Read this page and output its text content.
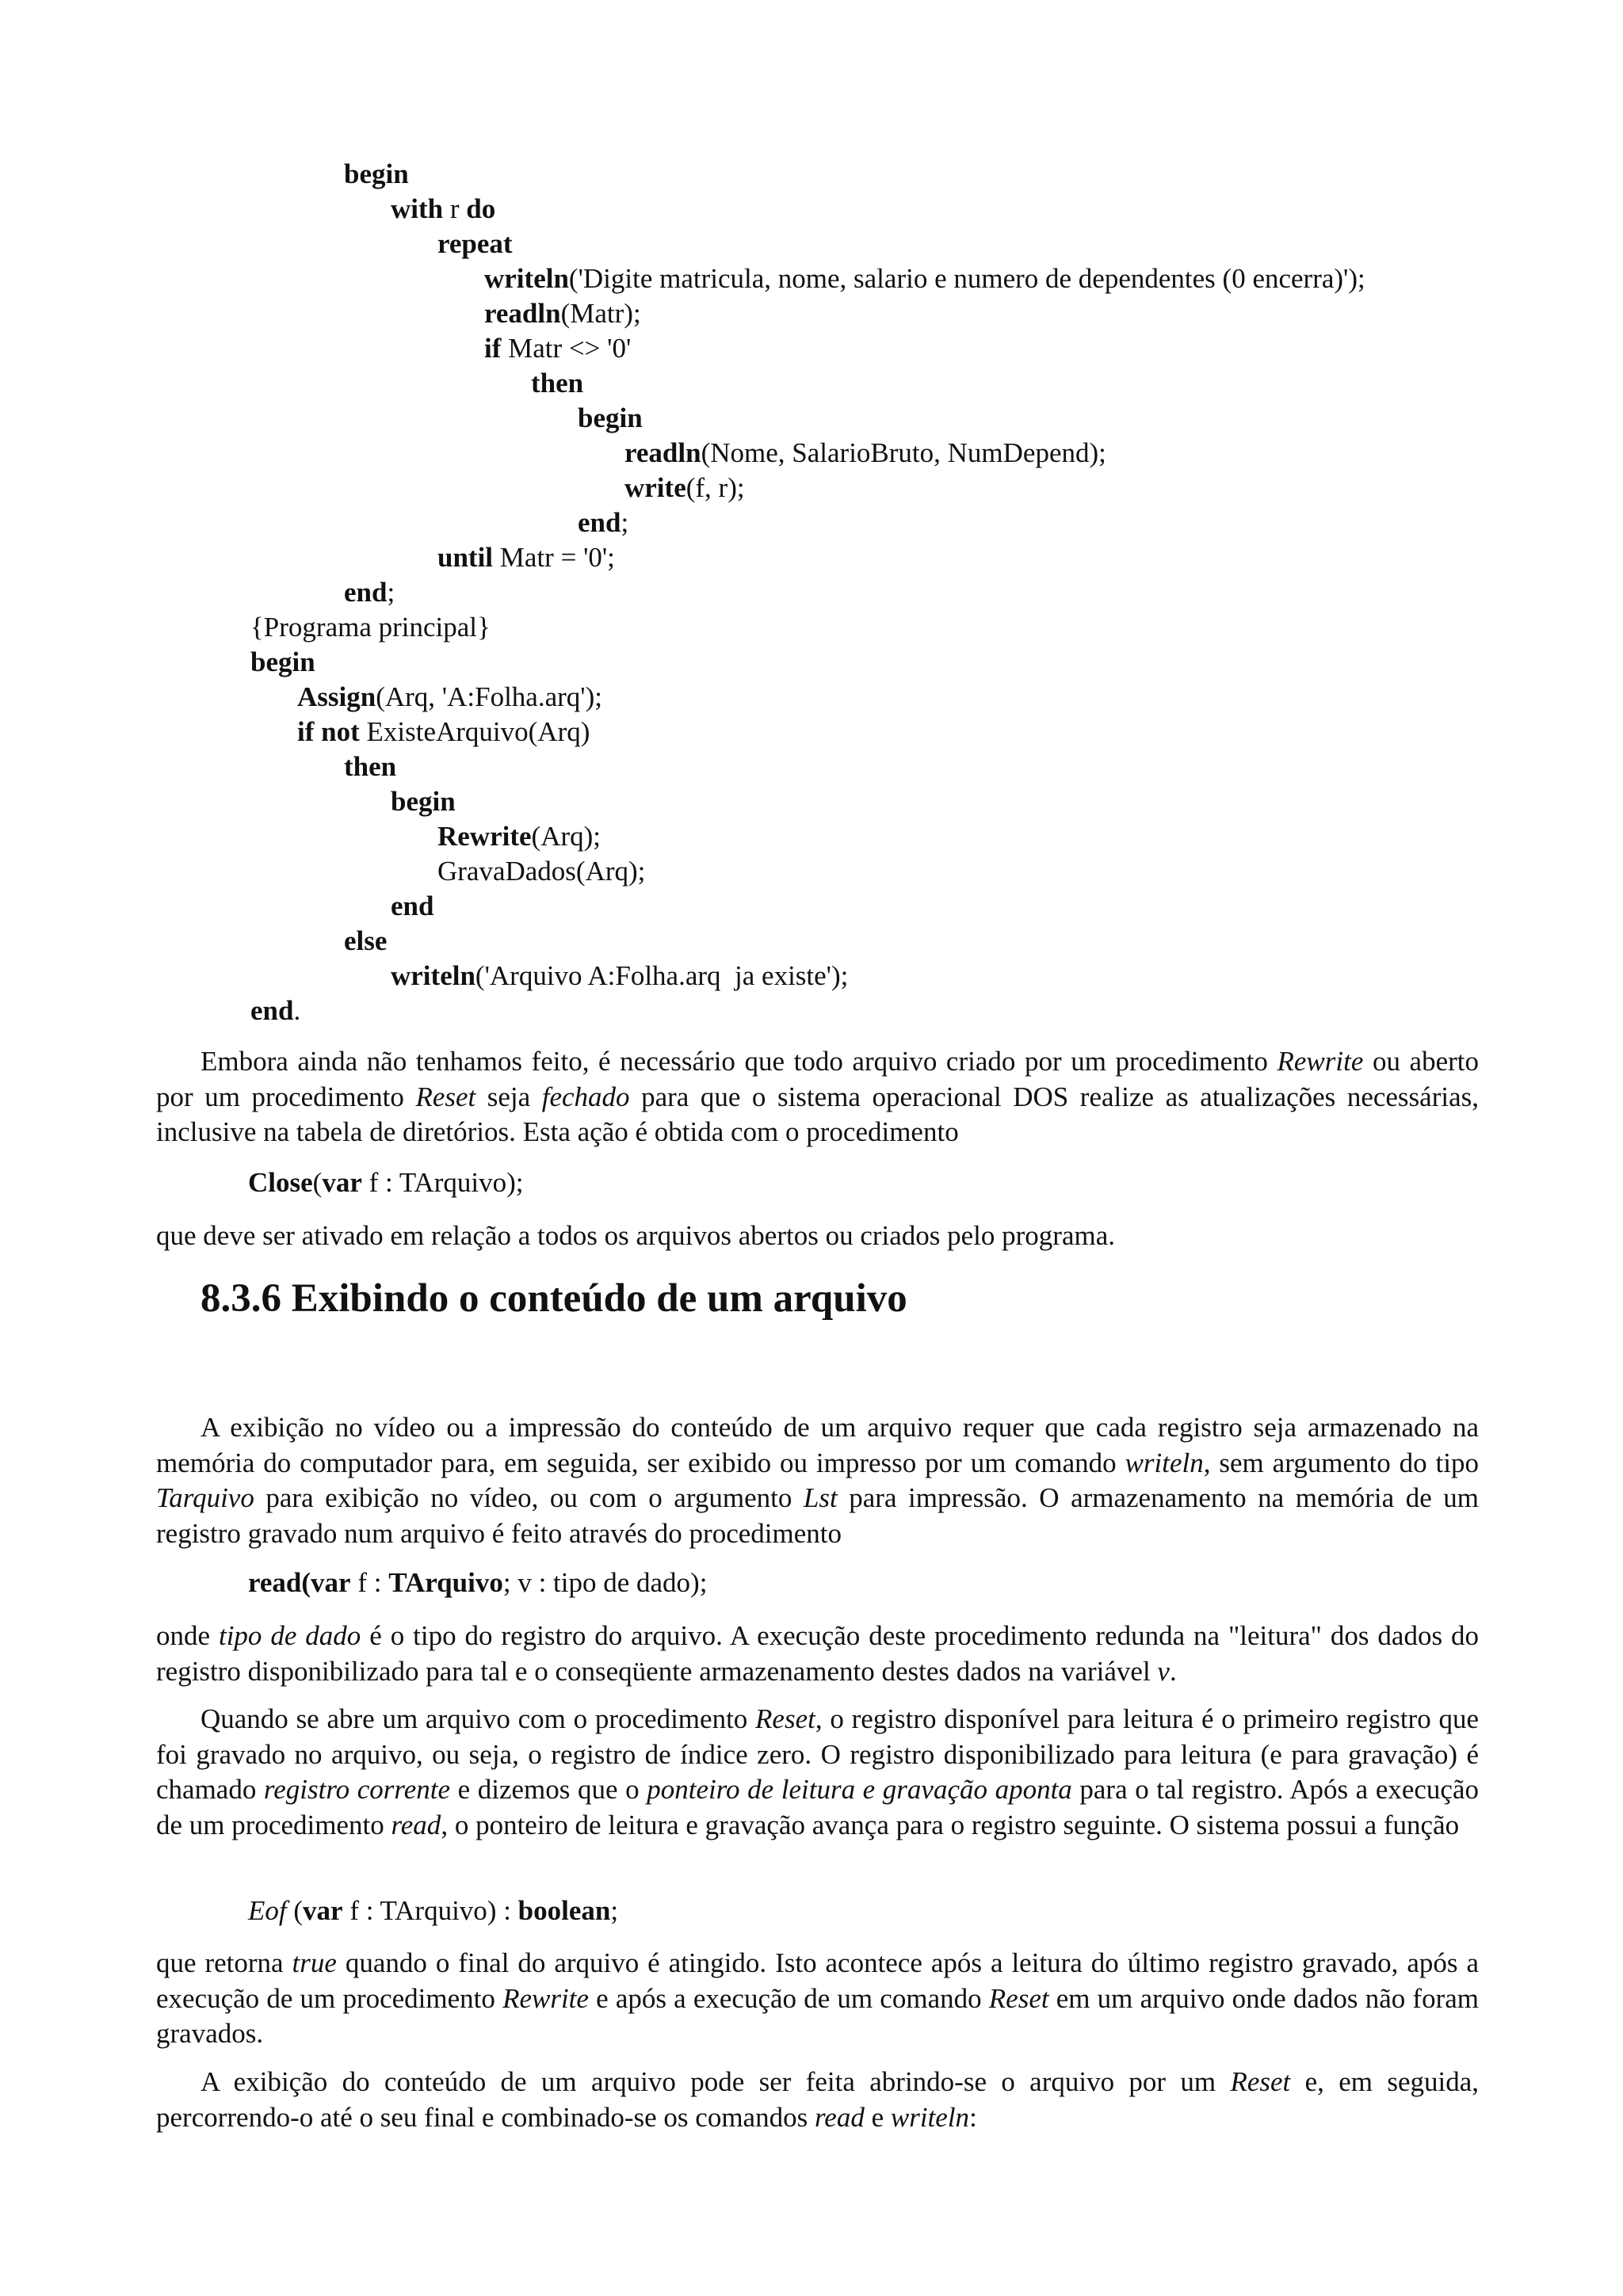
begin
with r do
repeat
writeln('Digite matricula, nome, salario e numero de dependentes (0 encerra)');
readln(Matr);
if Matr <> '0'
then
begin
readln(Nome, SalarioBruto, NumDepend);
write(f, r);
end;
until Matr = '0';
end;
{Programa principal}
begin
Assign(Arq, 'A:Folha.arq');
if not ExisteArquivo(Arq)
then
begin
Rewrite(Arq);
GravaDados(Arq);
end
else
writeln('Arquivo A:Folha.arq  ja existe');
end.
Embora ainda não tenhamos feito, é necessário que todo arquivo criado por um procedimento Rewrite ou aberto por um procedimento Reset seja fechado para que o sistema operacional DOS realize as atualizações necessárias, inclusive na tabela de diretórios. Esta ação é obtida com o procedimento
Close(var f : TArquivo);
que deve ser ativado em relação a todos os arquivos abertos ou criados pelo programa.
8.3.6 Exibindo o conteúdo de um arquivo
A exibição no vídeo ou a impressão do conteúdo de um arquivo requer que cada registro seja armazenado na memória do computador para, em seguida, ser exibido ou impresso por um comando writeln, sem argumento do tipo Tarquivo para exibição no vídeo, ou com o argumento Lst para impressão. O armazenamento na memória de um registro gravado num arquivo é feito através do procedimento
read(var f : TArquivo; v : tipo de dado);
onde tipo de dado é o tipo do registro do arquivo. A execução deste procedimento redunda na "leitura" dos dados do registro disponibilizado para tal e o conseqüente armazenamento destes dados na variável v.
Quando se abre um arquivo com o procedimento Reset, o registro disponível para leitura é o primeiro registro que foi gravado no arquivo, ou seja, o registro de índice zero. O registro disponibilizado para leitura (e para gravação) é chamado registro corrente e dizemos que o ponteiro de leitura e gravação aponta para o tal registro. Após a execução de um procedimento read, o ponteiro de leitura e gravação avança para o registro seguinte. O sistema possui a função
Eof (var f : TArquivo) : boolean;
que retorna true quando o final do arquivo é atingido. Isto acontece após a leitura do último registro gravado, após a execução de um procedimento Rewrite e após a execução de um comando Reset em um arquivo onde dados não foram gravados.
A exibição do conteúdo de um arquivo pode ser feita abrindo-se o arquivo por um Reset e, em seguida, percorrendo-o até o seu final e combinado-se os comandos read e writeln:
